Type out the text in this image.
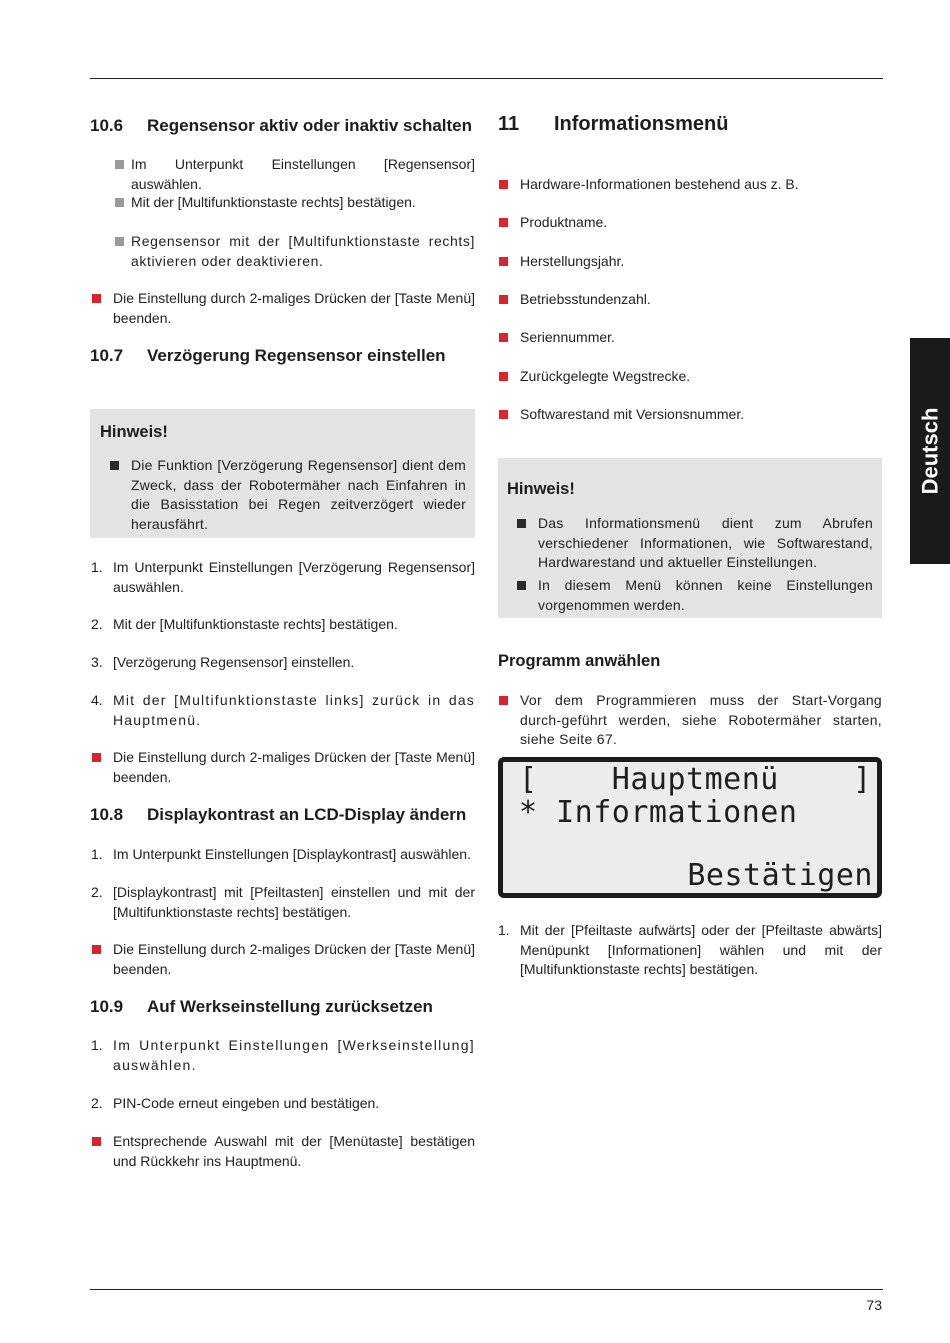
10.6 Regensensor aktiv oder inaktiv schalten
Im Unterpunkt Einstellungen [Regensensor] auswählen.
Mit der [Multifunktionstaste rechts] bestätigen.
Regensensor mit der [Multifunktionstaste rechts] aktivieren oder deaktivieren.
Die Einstellung durch 2-maliges Drücken der [Taste Menü] beenden.
10.7 Verzögerung Regensensor einstellen
Hinweis!
Die Funktion [Verzögerung Regensensor] dient dem Zweck, dass der Robotermäher nach Einfahren in die Basisstation bei Regen zeitverzögert wieder herausfährt.
1. Im Unterpunkt Einstellungen [Verzögerung Regensensor] auswählen.
2. Mit der [Multifunktionstaste rechts] bestätigen.
3. [Verzögerung Regensensor] einstellen.
4. Mit der [Multifunktionstaste links] zurück in das Hauptmenü.
Die Einstellung durch 2-maliges Drücken der [Taste Menü] beenden.
10.8 Displaykontrast an LCD-Display ändern
1. Im Unterpunkt Einstellungen [Displaykontrast] auswählen.
2. [Displaykontrast] mit [Pfeiltasten] einstellen und mit der [Multifunktionstaste rechts] bestätigen.
Die Einstellung durch 2-maliges Drücken der [Taste Menü] beenden.
10.9 Auf Werkseinstellung zurücksetzen
1. Im Unterpunkt Einstellungen [Werkseinstellung] auswählen.
2. PIN-Code erneut eingeben und bestätigen.
Entsprechende Auswahl mit der [Menütaste] bestätigen und Rückkehr ins Hauptmenü.
11 Informationsmenü
Hardware-Informationen bestehend aus z. B.
Produktname.
Herstellungsjahr.
Betriebsstundenzahl.
Seriennummer.
Zurückgelegte Wegstrecke.
Softwarestand mit Versionsnummer.
Hinweis!
Das Informationsmenü dient zum Abrufen verschiedener Informationen, wie Softwarestand, Hardwarestand und aktueller Einstellungen.
In diesem Menü können keine Einstellungen vorgenommen werden.
Programm anwählen
Vor dem Programmieren muss der Start-Vorgang durch-geführt werden, siehe Robotermäher starten, siehe Seite 67.
[    Hauptmenü    ]
* Informationen
Bestätigen
1. Mit der [Pfeiltaste aufwärts] oder der [Pfeiltaste abwärts] Menüpunkt [Informationen] wählen und mit der [Multifunktionstaste rechts] bestätigen.
Deutsch
73
